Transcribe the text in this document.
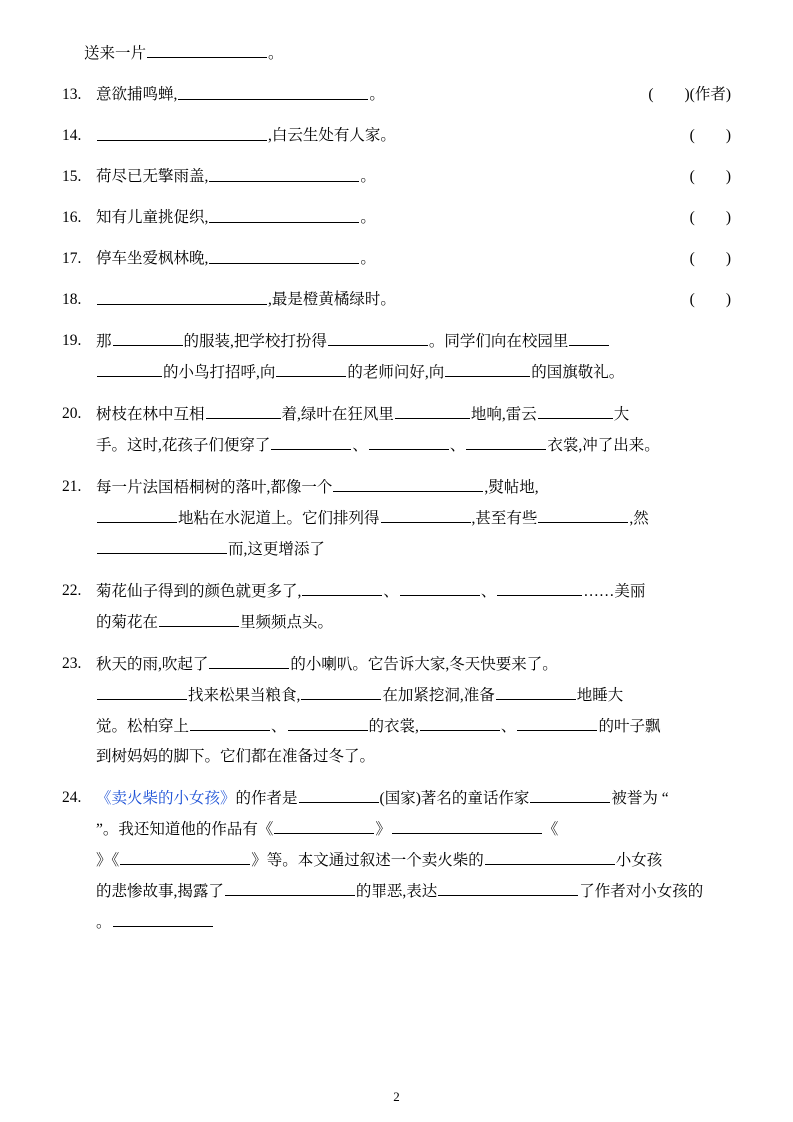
送来一片	。
13. 意欲捕鸣蝉,	。	(        )(作者)
14.	,白云生处有人家。	(        )
15. 荷尽已无擎雨盖,	。	(        )
16. 知有儿童挑促织,	。	(        )
17. 停车坐爱枫林晚,	。	(        )
18.	,最是橙黄橘绿时。	(        )
19. 那	的服装,把学校打扮得	。同学们向在校园里
的小鸟打招呼,向	的老师问好,向	的国旗敬礼。
20. 树枝在林中互相	着,绿叶在狂风里	地响,雷云	大
手。这时,花孩子们便穿了	、	、	衣裳,冲了出来。
21. 每一片法国梧桐树的落叶,都像一个	,熨帖地,
地粘在水泥道上。它们排列得	,甚至有些	,然
而,这更增添了
22. 菊花仙子得到的颜色就更多了,	、	、	……美丽
的菊花在	里频频点头。
23. 秋天的雨,吹起了	的小喇叭。它告诉大家,冬天快要来了。
找来松果当粮食,	在加紧挖洞,准备	地睡大
觉。松柏穿上	、	的衣裳,	、	的叶子飘
到树妈妈的脚下。它们都在准备过冬了。
24. 《卖火柴的小女孩》的作者是	(国家)著名的童话作家	被誉为 “
”。我还知道他的作品有《	》	《
》《	》等。本文通过叙述一个卖火柴的	小女孩
的悲惨故事,揭露了	的罪恶,表达	了作者对小女孩的
。
2
